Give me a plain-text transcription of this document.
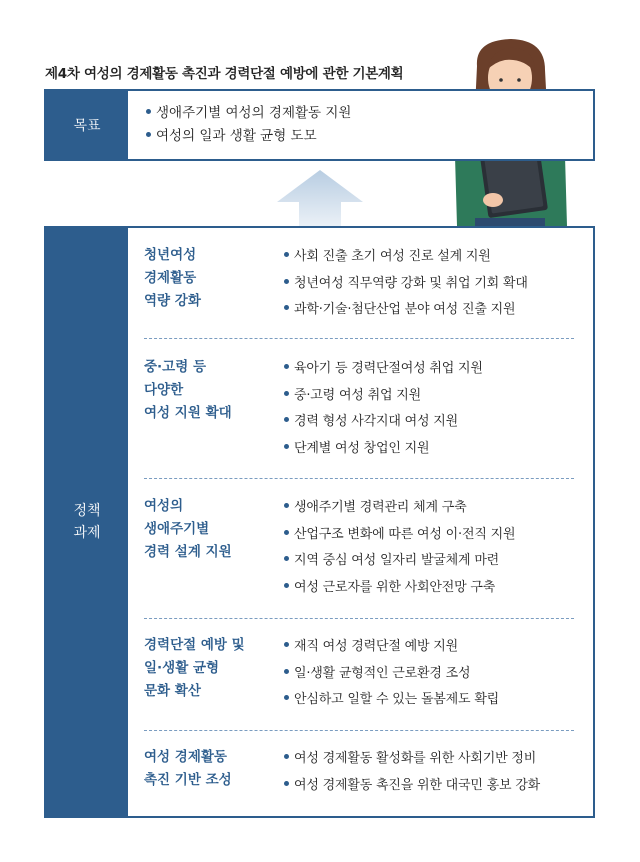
제4차 여성의 경제활동 촉진과 경력단절 예방에 관한 기본계획
목표
생애주기별 여성의 경제활동 지원
여성의 일과 생활 균형 도모
정책
과제
청년여성
경제활동
역량 강화
사회 진출 초기 여성 진로 설계 지원
청년여성 직무역량 강화 및 취업 기회 확대
과학·기술·첨단산업 분야 여성 진출 지원
중·고령 등
다양한
여성 지원 확대
육아기 등 경력단절여성 취업 지원
중·고령 여성 취업 지원
경력 형성 사각지대 여성 지원
단계별 여성 창업인 지원
여성의
생애주기별
경력 설계 지원
생애주기별 경력관리 체계 구축
산업구조 변화에 따른 여성 이·전직 지원
지역 중심 여성 일자리 발굴체계 마련
여성 근로자를 위한 사회안전망 구축
경력단절 예방 및
일·생활 균형
문화 확산
재직 여성 경력단절 예방 지원
일·생활 균형적인 근로환경 조성
안심하고 일할 수 있는 돌봄제도 확립
여성 경제활동
촉진 기반 조성
여성 경제활동 활성화를 위한 사회기반 정비
여성 경제활동 촉진을 위한 대국민 홍보 강화
